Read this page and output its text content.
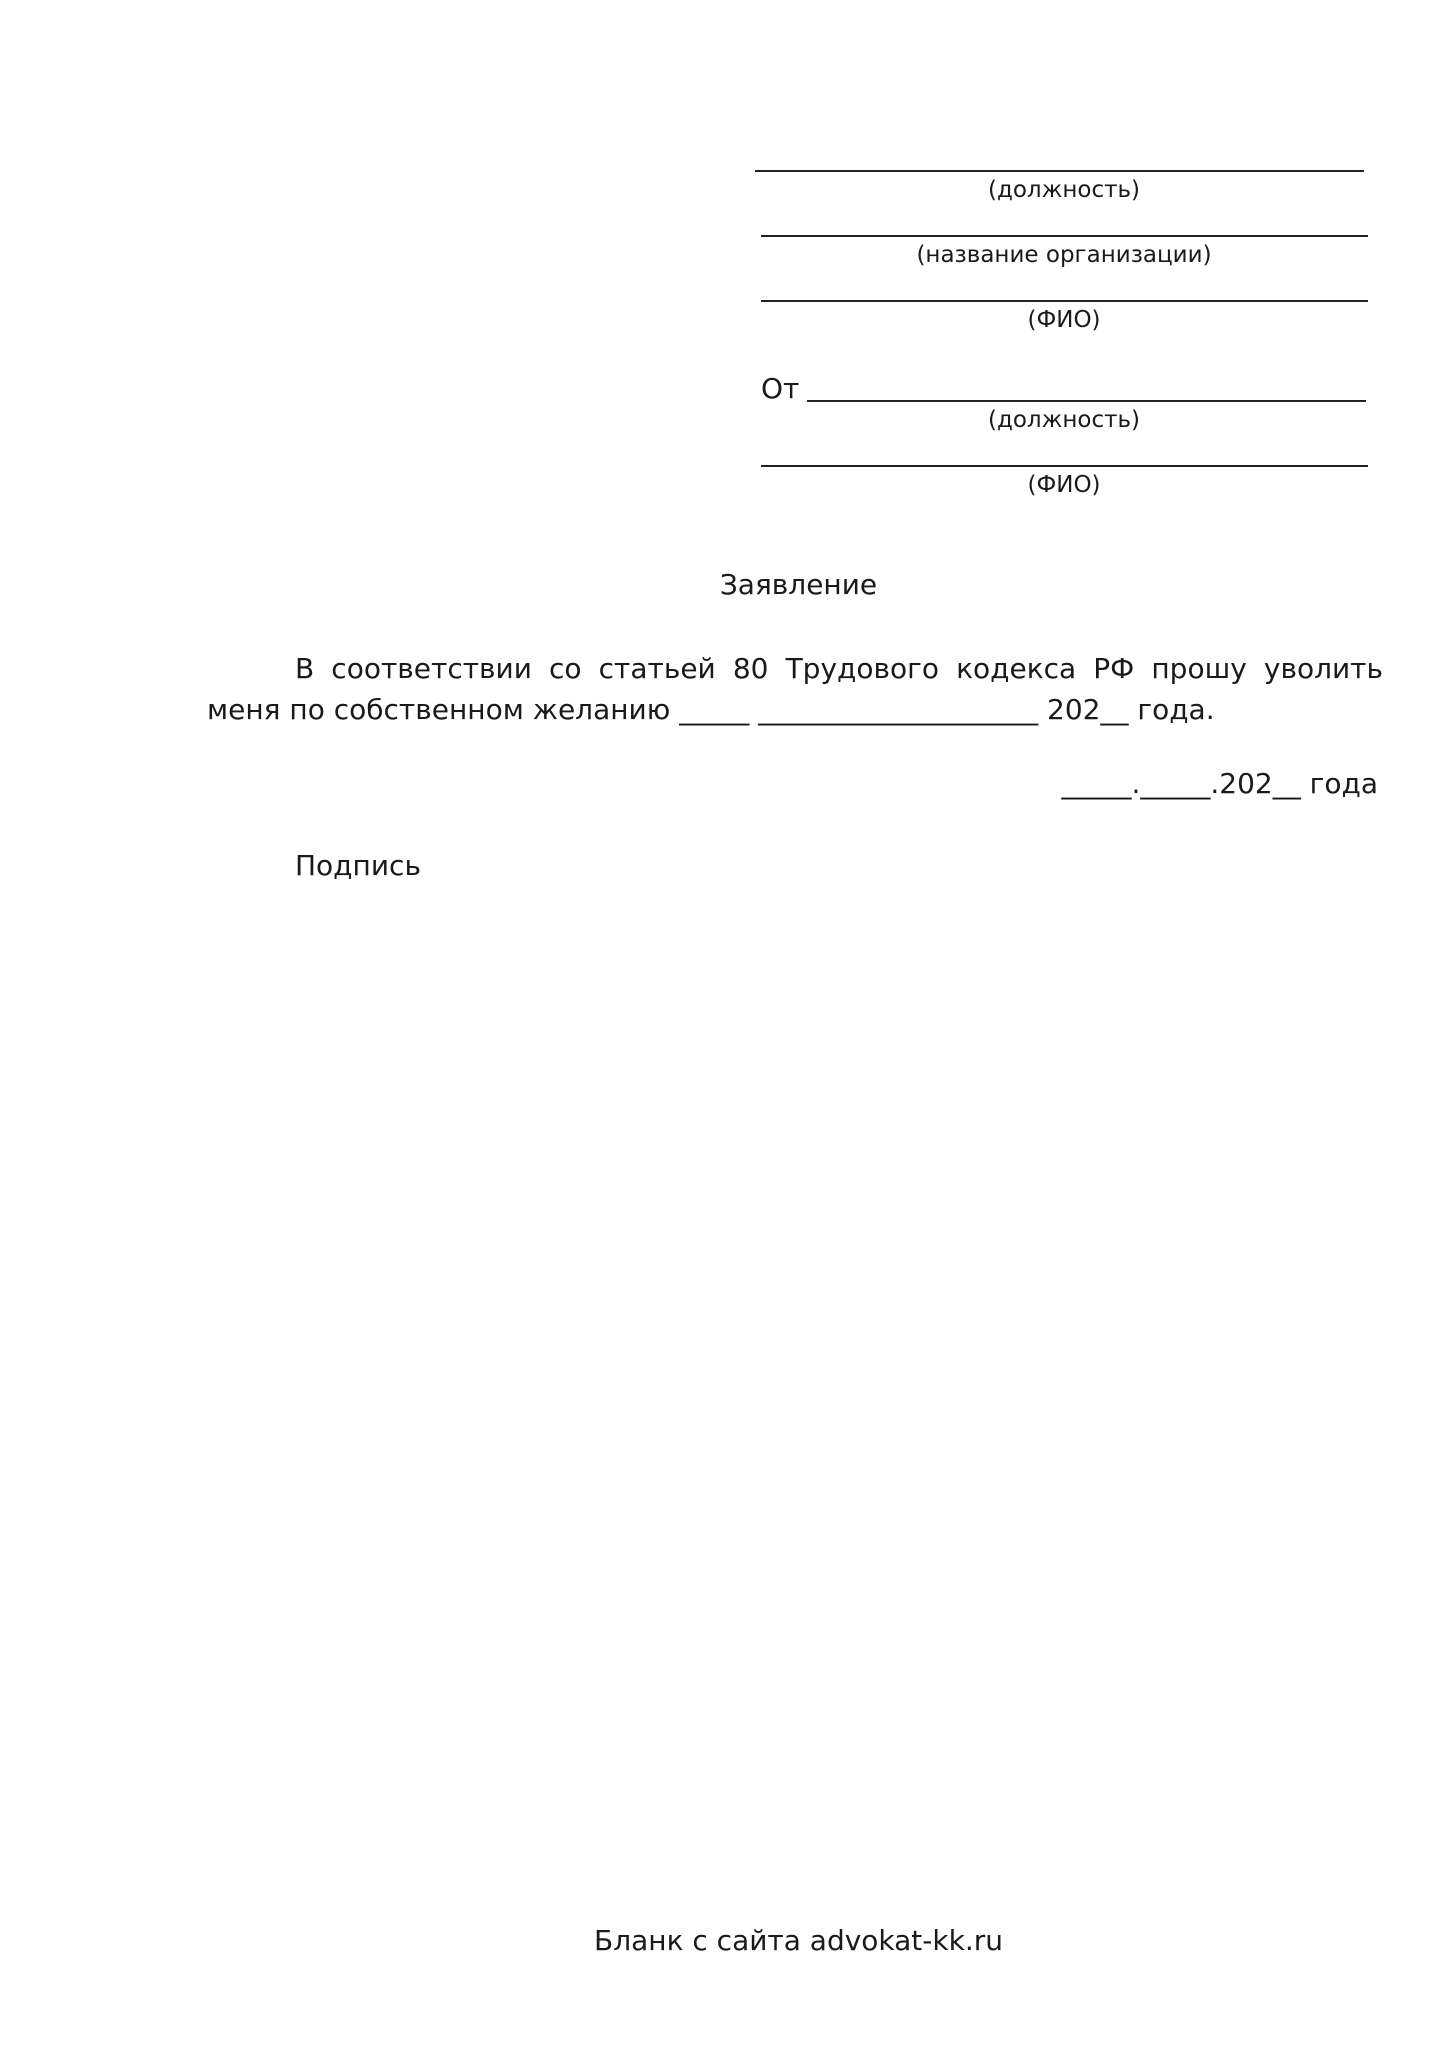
(должность)
(название организации)
(ФИО)
От
(должность)
(ФИО)
Заявление
В соответствии со статьей 80 Трудового кодекса РФ прошу уволить меня по собственном желанию _____ ____________________ 202__ года.
_____._____.202__ года
Подпись
Бланк с сайта advokat-kk.ru
